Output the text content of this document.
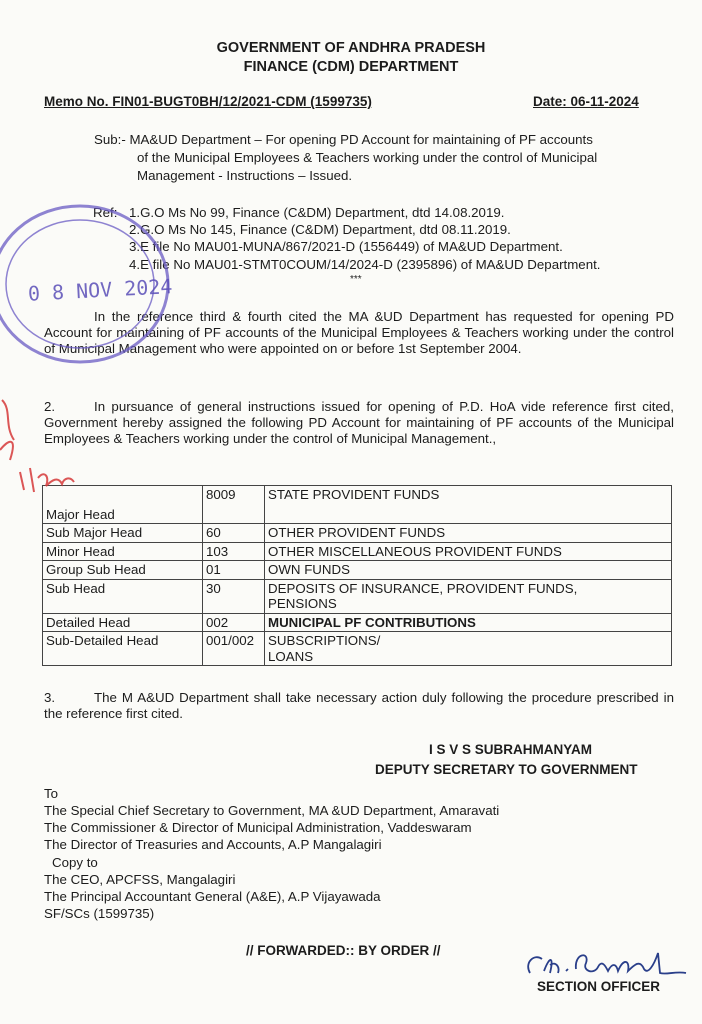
GOVERNMENT OF ANDHRA PRADESH
FINANCE (CDM) DEPARTMENT
Memo No. FIN01-BUGT0BH/12/2021-CDM (1599735)	Date: 06-11-2024
Sub:- MA&UD Department – For opening PD Account for maintaining of PF accounts
of the Municipal Employees & Teachers working under the control of Municipal
Management - Instructions – Issued.
Ref: 1.G.O Ms No 99, Finance (C&DM) Department, dtd 14.08.2019.
2.G.O Ms No 145, Finance (C&DM) Department, dtd 08.11.2019.
3.E file No MAU01-MUNA/867/2021-D (1556449) of MA&UD Department.
4.E file No MAU01-STMT0COUM/14/2024-D (2395896) of MA&UD Department.
***
In the reference third & fourth cited the MA &UD Department has requested for opening PD Account for maintaining of PF accounts of the Municipal Employees & Teachers working under the control of Municipal Management who were appointed on or before 1st September 2004.
2.	In pursuance of general instructions issued for opening of P.D. HoA vide reference first cited, Government hereby assigned the following PD Account for maintaining of PF accounts of the Municipal Employees & Teachers working under the control of Municipal Management.,
Major Head	8009	STATE PROVIDENT FUNDS
Sub Major Head	60	OTHER PROVIDENT FUNDS
Minor Head	103	OTHER MISCELLANEOUS PROVIDENT FUNDS
Group Sub Head	01	OWN FUNDS
Sub Head	30	DEPOSITS OF INSURANCE, PROVIDENT FUNDS,
PENSIONS

Detailed Head	002	MUNICIPAL PF CONTRIBUTIONS
Sub-Detailed Head	001/002	SUBSCRIPTIONS/
LOANS
3.	The M A&UD Department shall take necessary action duly following the procedure prescribed in the reference first cited.
I S V S SUBRAHMANYAM
DEPUTY SECRETARY TO GOVERNMENT
To
The Special Chief Secretary to Government, MA &UD Department, Amaravati
The Commissioner & Director of Municipal Administration, Vaddeswaram
The Director of Treasuries and Accounts, A.P Mangalagiri
Copy to
The CEO, APCFSS, Mangalagiri
The Principal Accountant General (A&E), A.P Vijayawada
SF/SCs (1599735)
// FORWARDED:: BY ORDER //
SECTION OFFICER
0 8 NOV 2024
